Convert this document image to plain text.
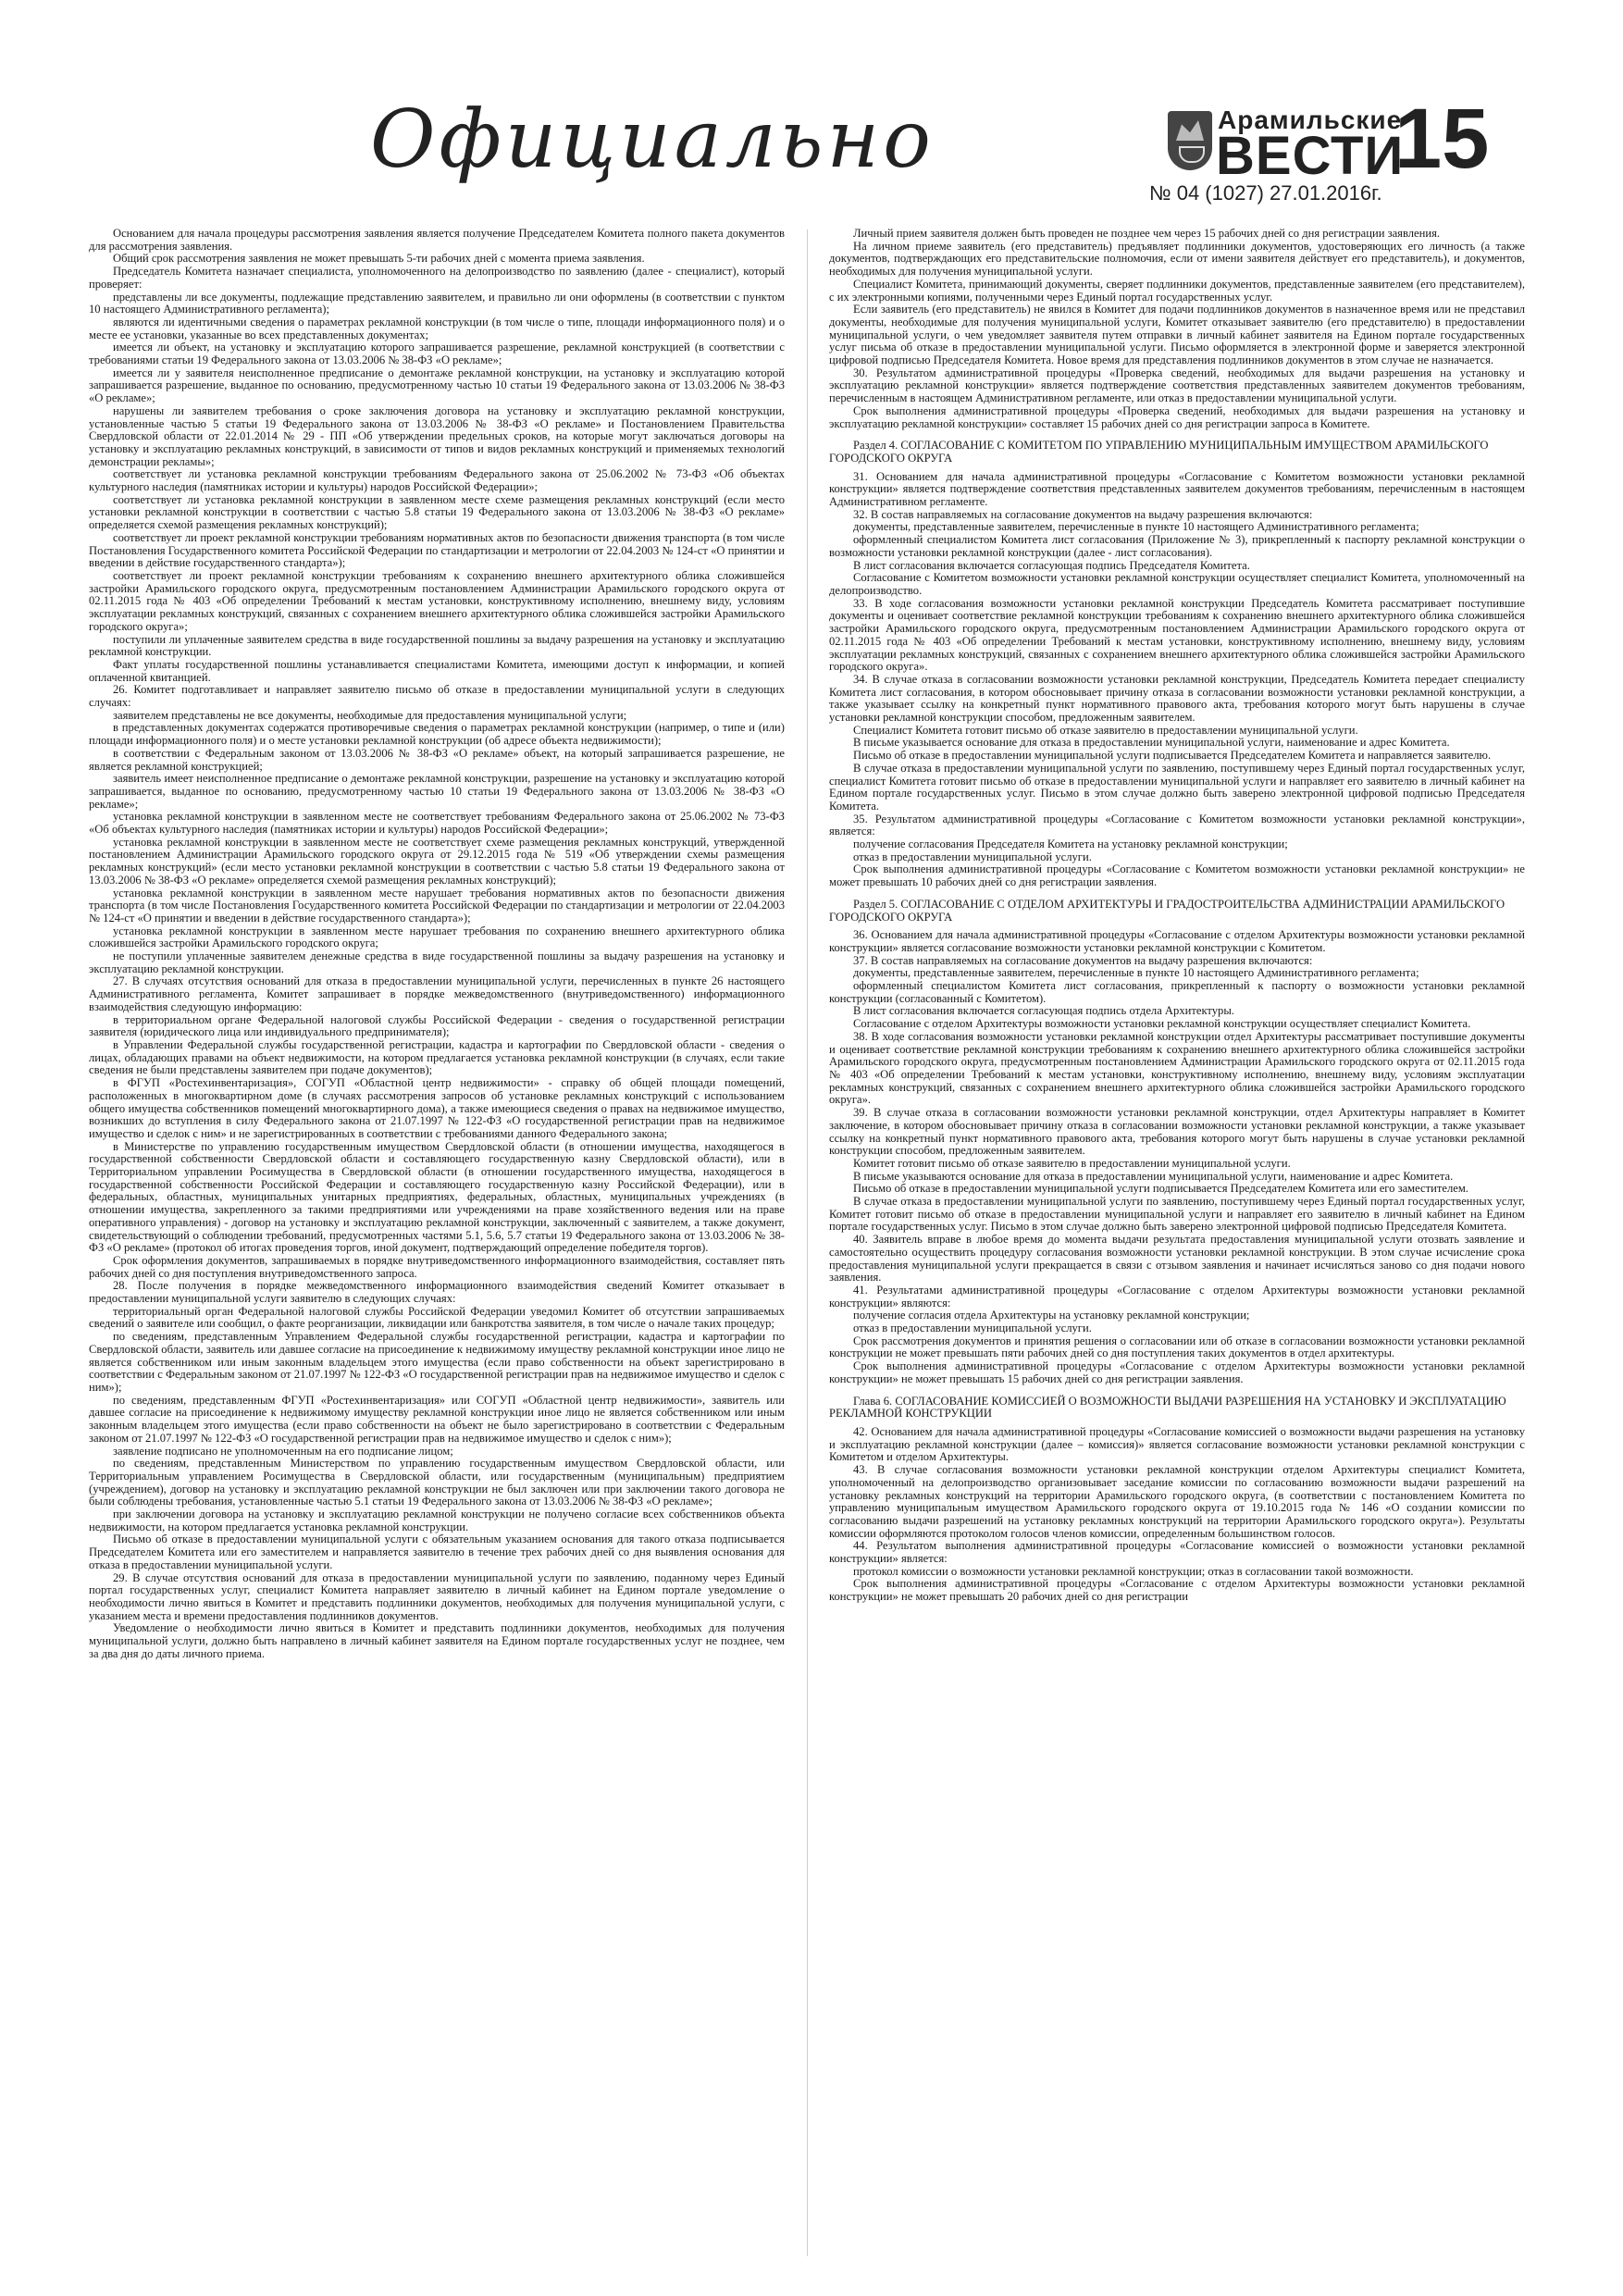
Официально	Арамильские
ВЕСТИ
15
№ 04 (1027) 27.01.2016г.

Основанием для начала процедуры рассмотрения заявления является получение Председателем Комитета полного пакета документов для рассмотрения заявления.

Общий срок рассмотрения заявления не может превышать 5-ти рабочих дней с момента приема заявления.

Председатель Комитета назначает специалиста, уполномоченного на делопроизводство по заявлению (далее - специалист), который проверяет:

представлены ли все документы, подлежащие представлению заявителем, и правильно ли они оформлены (в соответствии с пунктом 10 настоящего Административного регламента);

являются ли идентичными сведения о параметрах рекламной конструкции (в том числе о типе, площади информационного поля) и о месте ее установки, указанные во всех представленных документах;

имеется ли объект, на установку и эксплуатацию которого запрашивается разрешение, рекламной конструкцией (в соответствии с требованиями статьи 19 Федерального закона от 13.03.2006 № 38-ФЗ «О рекламе»;

имеется ли у заявителя неисполненное предписание о демонтаже рекламной конструкции, на установку и эксплуатацию которой запрашивается разрешение, выданное по основанию, предусмотренному частью 10 статьи 19 Федерального закона от 13.03.2006 № 38-ФЗ «О рекламе»;

нарушены ли заявителем требования о сроке заключения договора на установку и эксплуатацию рекламной конструкции, установленные частью 5 статьи 19 Федерального закона от 13.03.2006 № 38-ФЗ «О рекламе» и Постановлением Правительства Свердловской области от 22.01.2014 № 29 - ПП «Об утверждении предельных сроков, на которые могут заключаться договоры на установку и эксплуатацию рекламных конструкций, в зависимости от типов и видов рекламных конструкций и применяемых технологий демонстрации рекламы»;

соответствует ли установка рекламной конструкции требованиям Федерального закона от 25.06.2002 № 73-ФЗ «Об объектах культурного наследия (памятниках истории и культуры) народов Российской Федерации»;

соответствует ли установка рекламной конструкции в заявленном месте схеме размещения рекламных конструкций (если место установки рекламной конструкции в соответствии с частью 5.8 статьи 19 Федерального закона от 13.03.2006 № 38-ФЗ «О рекламе» определяется схемой размещения рекламных конструкций);

соответствует ли проект рекламной конструкции требованиям нормативных актов по безопасности движения транспорта (в том числе Постановления Государственного комитета Российской Федерации по стандартизации и метрологии от 22.04.2003 № 124-ст «О принятии и введении в действие государственного стандарта»);

соответствует ли проект рекламной конструкции требованиям к сохранению внешнего архитектурного облика сложившейся застройки Арамильского городского округа, предусмотренным постановлением Администрации Арамильского городского округа от 02.11.2015 года № 403 «Об определении Требований к местам установки, конструктивному исполнению, внешнему виду, условиям эксплуатации рекламных конструкций, связанных с сохранением внешнего архитектурного облика сложившейся застройки Арамильского городского округа»;

поступили ли уплаченные заявителем средства в виде государственной пошлины за выдачу разрешения на установку и эксплуатацию рекламной конструкции.

Факт уплаты государственной пошлины устанавливается специалистами Комитета, имеющими доступ к информации, и копией оплаченной квитанцией.

26. Комитет подготавливает и направляет заявителю письмо об отказе в предоставлении муниципальной услуги в следующих случаях:

заявителем представлены не все документы, необходимые для предоставления муниципальной услуги;

в представленных документах содержатся противоречивые сведения о параметрах рекламной конструкции (например, о типе и (или) площади информационного поля) и о месте установки рекламной конструкции (об адресе объекта недвижимости);

в соответствии с Федеральным законом от 13.03.2006 № 38-ФЗ «О рекламе» объект, на который запрашивается разрешение, не является рекламной конструкцией;

заявитель имеет неисполненное предписание о демонтаже рекламной конструкции, разрешение на установку и эксплуатацию которой запрашивается, выданное по основанию, предусмотренному частью 10 статьи 19 Федерального закона от 13.03.2006 № 38-ФЗ «О рекламе»;

установка рекламной конструкции в заявленном месте не соответствует требованиям Федерального закона от 25.06.2002 № 73-ФЗ «Об объектах культурного наследия (памятниках истории и культуры) народов Российской Федерации»;

установка рекламной конструкции в заявленном месте не соответствует схеме размещения рекламных конструкций, утвержденной постановлением Администрации Арамильского городского округа от 29.12.2015 года № 519 «Об утверждении схемы размещения рекламных конструкций» (если место установки рекламной конструкции в соответствии с частью 5.8 статьи 19 Федерального закона от 13.03.2006 № 38-ФЗ «О рекламе» определяется схемой размещения рекламных конструкций);

установка рекламной конструкции в заявленном месте нарушает требования нормативных актов по безопасности движения транспорта (в том числе Постановления Государственного комитета Российской Федерации по стандартизации и метрологии от 22.04.2003 № 124-ст «О принятии и введении в действие государственного стандарта»);

установка рекламной конструкции в заявленном месте нарушает требования по сохранению внешнего архитектурного облика сложившейся застройки Арамильского городского округа;

не поступили уплаченные заявителем денежные средства в виде государственной пошлины за выдачу разрешения на установку и эксплуатацию рекламной конструкции.

27. В случаях отсутствия оснований для отказа в предоставлении муниципальной услуги, перечисленных в пункте 26 настоящего Административного регламента, Комитет запрашивает в порядке межведомственного (внутриведомственного) информационного взаимодействия следующую информацию:

в территориальном органе Федеральной налоговой службы Российской Федерации - сведения о государственной регистрации заявителя (юридического лица или индивидуального предпринимателя);

в Управлении Федеральной службы государственной регистрации, кадастра и картографии по Свердловской области - сведения о лицах, обладающих правами на объект недвижимости, на котором предлагается установка рекламной конструкции (в случаях, если такие сведения не были представлены заявителем при подаче документов);

в ФГУП «Ростехинвентаризация», СОГУП «Областной центр недвижимости» - справку об общей площади помещений, расположенных в многоквартирном доме (в случаях рассмотрения запросов об установке рекламных конструкций с использованием общего имущества собственников помещений многоквартирного дома), а также имеющиеся сведения о правах на недвижимое имущество, возникших до вступления в силу Федерального закона от 21.07.1997 № 122-ФЗ «О государственной регистрации прав на недвижимое имущество и сделок с ним» и не зарегистрированных в соответствии с требованиями данного Федерального закона;

в Министерстве по управлению государственным имуществом Свердловской области (в отношении имущества, находящегося в государственной собственности Свердловской области и составляющего государственную казну Свердловской области), или в Территориальном управлении Росимущества в Свердловской области (в отношении государственного имущества, находящегося в государственной собственности Российской Федерации и составляющего государственную казну Российской Федерации), или в федеральных, областных, муниципальных унитарных предприятиях, федеральных, областных, муниципальных учреждениях (в отношении имущества, закрепленного за такими предприятиями или учреждениями на праве хозяйственного ведения или на праве оперативного управления) - договор на установку и эксплуатацию рекламной конструкции, заключенный с заявителем, а также документ, свидетельствующий о соблюдении требований, предусмотренных частями 5.1, 5.6, 5.7 статьи 19 Федерального закона от 13.03.2006 № 38-ФЗ «О рекламе» (протокол об итогах проведения торгов, иной документ, подтверждающий определение победителя торгов).

Срок оформления документов, запрашиваемых в порядке внутриведомственного информационного взаимодействия, составляет пять рабочих дней со дня поступления внутриведомственного запроса.

28. После получения в порядке межведомственного информационного взаимодействия сведений Комитет отказывает в предоставлении муниципальной услуги заявителю в следующих случаях:

территориальный орган Федеральной налоговой службы Российской Федерации уведомил Комитет об отсутствии запрашиваемых сведений о заявителе или сообщил, о факте реорганизации, ликвидации или банкротства заявителя, в том числе о начале таких процедур;

по сведениям, представленным Управлением Федеральной службы государственной регистрации, кадастра и картографии по Свердловской области, заявитель или давшее согласие на присоединение к недвижимому имуществу рекламной конструкции иное лицо не является собственником или иным законным владельцем этого имущества (если право собственности на объект зарегистрировано в соответствии с Федеральным законом от 21.07.1997 № 122-ФЗ «О государственной регистрации прав на недвижимое имущество и сделок с ним»);

по сведениям, представленным ФГУП «Ростехинвентаризация» или СОГУП «Областной центр недвижимости», заявитель или давшее согласие на присоединение к недвижимому имуществу рекламной конструкции иное лицо не является собственником или иным законным владельцем этого имущества (если право собственности на объект не было зарегистрировано в соответствии с Федеральным законом от 21.07.1997 № 122-ФЗ «О государственной регистрации прав на недвижимое имущество и сделок с ним»);

заявление подписано не уполномоченным на его подписание лицом;

по сведениям, представленным Министерством по управлению государственным имуществом Свердловской области, или Территориальным управлением Росимущества в Свердловской области, или государственным (муниципальным) предприятием (учреждением), договор на установку и эксплуатацию рекламной конструкции не был заключен или при заключении такого договора не были соблюдены требования, установленные частью 5.1 статьи 19 Федерального закона от 13.03.2006 № 38-ФЗ «О рекламе»;

при заключении договора на установку и эксплуатацию рекламной конструкции не получено согласие всех собственников объекта недвижимости, на котором предлагается установка рекламной конструкции.

Письмо об отказе в предоставлении муниципальной услуги с обязательным указанием основания для такого отказа подписывается Председателем Комитета или его заместителем и направляется заявителю в течение трех рабочих дней со дня выявления основания для отказа в предоставлении муниципальной услуги.

29. В случае отсутствия оснований для отказа в предоставлении муниципальной услуги по заявлению, поданному через Единый портал государственных услуг, специалист Комитета направляет заявителю в личный кабинет на Едином портале уведомление о необходимости лично явиться в Комитет и представить подлинники документов, необходимых для получения муниципальной услуги, с указанием места и времени предоставления подлинников документов.

Уведомление о необходимости лично явиться в Комитет и представить подлинники документов, необходимых для получения муниципальной услуги, должно быть направлено в личный кабинет заявителя на Едином портале государственных услуг не позднее, чем за два дня до даты личного приема.

Личный прием заявителя должен быть проведен не позднее чем через 15 рабочих дней со дня регистрации заявления.

На личном приеме заявитель (его представитель) предъявляет подлинники документов, удостоверяющих его личность (а также документов, подтверждающих его представительские полномочия, если от имени заявителя действует его представитель), и документов, необходимых для получения муниципальной услуги.

Специалист Комитета, принимающий документы, сверяет подлинники документов, представленные заявителем (его представителем), с их электронными копиями, полученными через Единый портал государственных услуг.

Если заявитель (его представитель) не явился в Комитет для подачи подлинников документов в назначенное время или не представил документы, необходимые для получения муниципальной услуги, Комитет отказывает заявителю (его представителю) в предоставлении муниципальной услуги, о чем уведомляет заявителя путем отправки в личный кабинет заявителя на Едином портале государственных услуг письма об отказе в предоставлении муниципальной услуги. Письмо оформляется в электронной форме и заверяется электронной цифровой подписью Председателя Комитета. Новое время для представления подлинников документов в этом случае не назначается.

30. Результатом административной процедуры «Проверка сведений, необходимых для выдачи разрешения на установку и эксплуатацию рекламной конструкции» является подтверждение соответствия представленных заявителем документов требованиям, перечисленным в настоящем Административном регламенте, или отказ в предоставлении муниципальной услуги.

Срок выполнения административной процедуры «Проверка сведений, необходимых для выдачи разрешения на установку и эксплуатацию рекламной конструкции» составляет 15 рабочих дней со дня регистрации запроса в Комитете.

Раздел 4. СОГЛАСОВАНИЕ С КОМИТЕТОМ ПО УПРАВЛЕНИЮ МУНИЦИПАЛЬНЫМ ИМУЩЕСТВОМ АРАМИЛЬСКОГО ГОРОДСКОГО ОКРУГА

31. Основанием для начала административной процедуры «Согласование с Комитетом возможности установки рекламной конструкции» является подтверждение соответствия представленных заявителем документов требованиям, перечисленным в настоящем Административном регламенте.

32. В состав направляемых на согласование документов на выдачу разрешения включаются:

документы, представленные заявителем, перечисленные в пункте 10 настоящего Административного регламента;

оформленный специалистом Комитета лист согласования (Приложение № 3), прикрепленный к паспорту рекламной конструкции о возможности установки рекламной конструкции (далее - лист согласования).

В лист согласования включается согласующая подпись Председателя Комитета.

Согласование с Комитетом возможности установки рекламной конструкции осуществляет специалист Комитета, уполномоченный на делопроизводство.

33. В ходе согласования возможности установки рекламной конструкции Председатель Комитета рассматривает поступившие документы и оценивает соответствие рекламной конструкции требованиям к сохранению внешнего архитектурного облика сложившейся застройки Арамильского городского округа, предусмотренным постановлением Администрации Арамильского городского округа от 02.11.2015 года № 403 «Об определении Требований к местам установки, конструктивному исполнению, внешнему виду, условиям эксплуатации рекламных конструкций, связанных с сохранением внешнего архитектурного облика сложившейся застройки Арамильского городского округа».

34. В случае отказа в согласовании возможности установки рекламной конструкции, Председатель Комитета передает специалисту Комитета лист согласования, в котором обосновывает причину отказа в согласовании возможности установки рекламной конструкции, а также указывает ссылку на конкретный пункт нормативного правового акта, требования которого могут быть нарушены в случае установки рекламной конструкции способом, предложенным заявителем.

Специалист Комитета готовит письмо об отказе заявителю в предоставлении муниципальной услуги.

В письме указывается основание для отказа в предоставлении муниципальной услуги, наименование и адрес Комитета.

Письмо об отказе в предоставлении муниципальной услуги подписывается Председателем Комитета и направляется заявителю.

В случае отказа в предоставлении муниципальной услуги по заявлению, поступившему через Единый портал государственных услуг, специалист Комитета готовит письмо об отказе в предоставлении муниципальной услуги и направляет его заявителю в личный кабинет на Едином портале государственных услуг. Письмо в этом случае должно быть заверено электронной цифровой подписью Председателя Комитета.

35. Результатом административной процедуры «Согласование с Комитетом возможности установки рекламной конструкции», является:

получение согласования Председателя Комитета на установку рекламной конструкции;

отказ в предоставлении муниципальной услуги.

Срок выполнения административной процедуры «Согласование с Комитетом возможности установки рекламной конструкции» не может превышать 10 рабочих дней со дня регистрации заявления.

Раздел 5. СОГЛАСОВАНИЕ С ОТДЕЛОМ АРХИТЕКТУРЫ И ГРАДОСТРОИТЕЛЬСТВА АДМИНИСТРАЦИИ АРАМИЛЬСКОГО ГОРОДСКОГО ОКРУГА

36. Основанием для начала административной процедуры «Согласование с отделом Архитектуры возможности установки рекламной конструкции» является согласование возможности установки рекламной конструкции с Комитетом.

37. В состав направляемых на согласование документов на выдачу разрешения включаются:

документы, представленные заявителем, перечисленные в пункте 10 настоящего Административного регламента;

оформленный специалистом Комитета лист согласования, прикрепленный к паспорту о возможности установки рекламной конструкции (согласованный с Комитетом).

В лист согласования включается согласующая подпись отдела Архитектуры.

Согласование с отделом Архитектуры возможности установки рекламной конструкции осуществляет специалист Комитета.

38. В ходе согласования возможности установки рекламной конструкции отдел Архитектуры рассматривает поступившие документы и оценивает соответствие рекламной конструкции требованиям к сохранению внешнего архитектурного облика сложившейся застройки Арамильского городского округа, предусмотренным постановлением Администрации Арамильского городского округа от 02.11.2015 года № 403 «Об определении Требований к местам установки, конструктивному исполнению, внешнему виду, условиям эксплуатации рекламных конструкций, связанных с сохранением внешнего архитектурного облика сложившейся застройки Арамильского городского округа».

39. В случае отказа в согласовании возможности установки рекламной конструкции, отдел Архитектуры направляет в Комитет заключение, в котором обосновывает причину отказа в согласовании возможности установки рекламной конструкции, а также указывает ссылку на конкретный пункт нормативного правового акта, требования которого могут быть нарушены в случае установки рекламной конструкции способом, предложенным заявителем.

Комитет готовит письмо об отказе заявителю в предоставлении муниципальной услуги.

В письме указываются основание для отказа в предоставлении муниципальной услуги, наименование и адрес Комитета.

Письмо об отказе в предоставлении муниципальной услуги подписывается Председателем Комитета или его заместителем.

В случае отказа в предоставлении муниципальной услуги по заявлению, поступившему через Единый портал государственных услуг, Комитет готовит письмо об отказе в предоставлении муниципальной услуги и направляет его заявителю в личный кабинет на Едином портале государственных услуг. Письмо в этом случае должно быть заверено электронной цифровой подписью Председателя Комитета.

40. Заявитель вправе в любое время до момента выдачи результата предоставления муниципальной услуги отозвать заявление и самостоятельно осуществить процедуру согласования возможности установки рекламной конструкции. В этом случае исчисление срока предоставления муниципальной услуги прекращается в связи с отзывом заявления и начинает исчисляться заново со дня подачи нового заявления.

41. Результатами административной процедуры «Согласование с отделом Архитектуры возможности установки рекламной конструкции» являются:

получение согласия отдела Архитектуры на установку рекламной конструкции;

отказ в предоставлении муниципальной услуги.

Срок рассмотрения документов и принятия решения о согласовании или об отказе в согласовании возможности установки рекламной конструкции не может превышать пяти рабочих дней со дня поступления таких документов в отдел архитектуры.

Срок выполнения административной процедуры «Согласование с отделом Архитектуры возможности установки рекламной конструкции» не может превышать 15 рабочих дней со дня регистрации заявления.

Глава 6. СОГЛАСОВАНИЕ КОМИССИЕЙ О ВОЗМОЖНОСТИ ВЫДАЧИ РАЗРЕШЕНИЯ НА УСТАНОВКУ И ЭКСПЛУАТАЦИЮ РЕКЛАМНОЙ КОНСТРУКЦИИ

42. Основанием для начала административной процедуры «Согласование комиссией о возможности выдачи разрешения на установку и эксплуатацию рекламной конструкции (далее – комиссия)» является согласование возможности установки рекламной конструкции с Комитетом и отделом Архитектуры.

43. В случае согласования возможности установки рекламной конструкции отделом Архитектуры специалист Комитета, уполномоченный на делопроизводство организовывает заседание комиссии по согласованию возможности выдачи разрешений на установку рекламных конструкций на территории Арамильского городского округа, (в соответствии с постановлением Комитета по управлению муниципальным имуществом Арамильского городского округа от 19.10.2015 года № 146 «О создании комиссии по согласованию выдачи разрешений на установку рекламных конструкций на территории Арамильского городского округа»). Результаты комиссии оформляются протоколом голосов членов комиссии, определенным большинством голосов.

44. Результатом выполнения административной процедуры «Согласование комиссией о возможности установки рекламной конструкции» является:

протокол комиссии о возможности установки рекламной конструкции; отказ в согласовании такой возможности.

Срок выполнения административной процедуры «Согласование с отделом Архитектуры возможности установки рекламной конструкции» не может превышать 20 рабочих дней со дня регистрации
